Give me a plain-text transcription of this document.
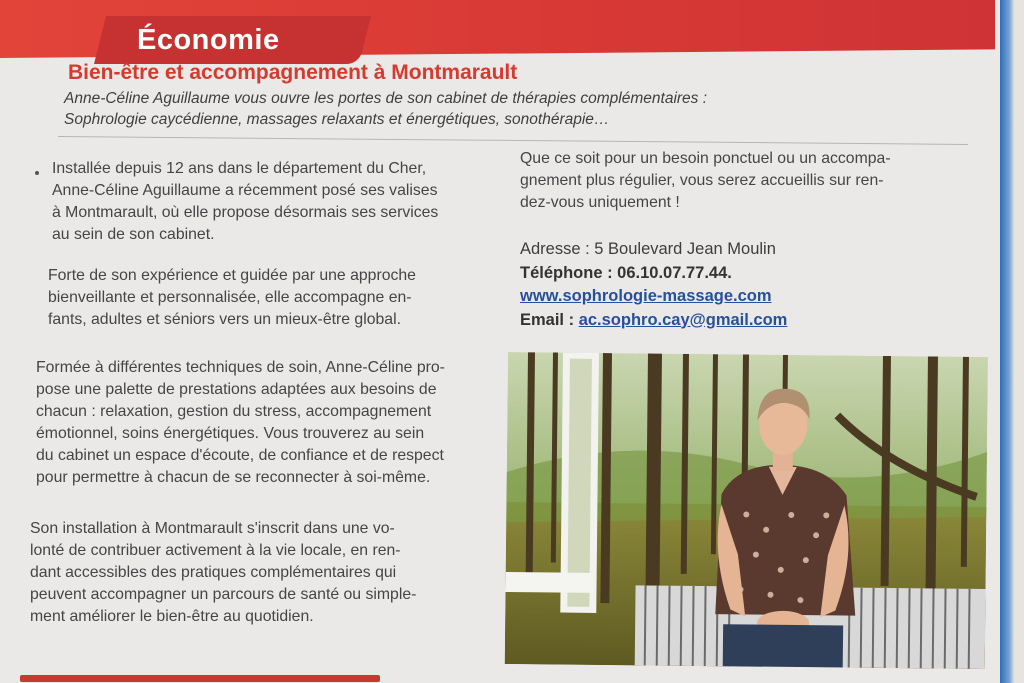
Économie
Bien-être et accompagnement à Montmarault
Anne-Céline Aguillaume vous ouvre les portes de son cabinet de thérapies complémentaires :
Sophrologie caycédienne, massages relaxants et énergétiques, sonothérapie…
Installée depuis 12 ans dans le département du Cher,
Anne-Céline Aguillaume a récemment posé ses valises
à Montmarault, où elle propose désormais ses services
au sein de son cabinet.
Forte de son expérience et guidée par une approche
bienveillante et personnalisée, elle accompagne en-
fants, adultes et séniors vers un mieux-être global.
Formée à différentes techniques de soin, Anne-Céline pro-
pose une palette de prestations adaptées aux besoins de
chacun : relaxation, gestion du stress, accompagnement
émotionnel, soins énergétiques. Vous trouverez au sein
du cabinet un espace d'écoute, de confiance et de respect
pour permettre à chacun de se reconnecter à soi-même.
Son installation à Montmarault s'inscrit dans une vo-
lonté de contribuer activement à la vie locale, en ren-
dant accessibles des pratiques complémentaires qui
peuvent accompagner un parcours de santé ou simple-
ment améliorer le bien-être au quotidien.
Que ce soit pour un besoin ponctuel ou un accompa-
gnement plus régulier, vous serez accueillis sur ren-
dez-vous uniquement !
Adresse : 5 Boulevard Jean Moulin
Téléphone : 06.10.07.77.44.
www.sophrologie-massage.com
Email : ac.sophro.cay@gmail.com
